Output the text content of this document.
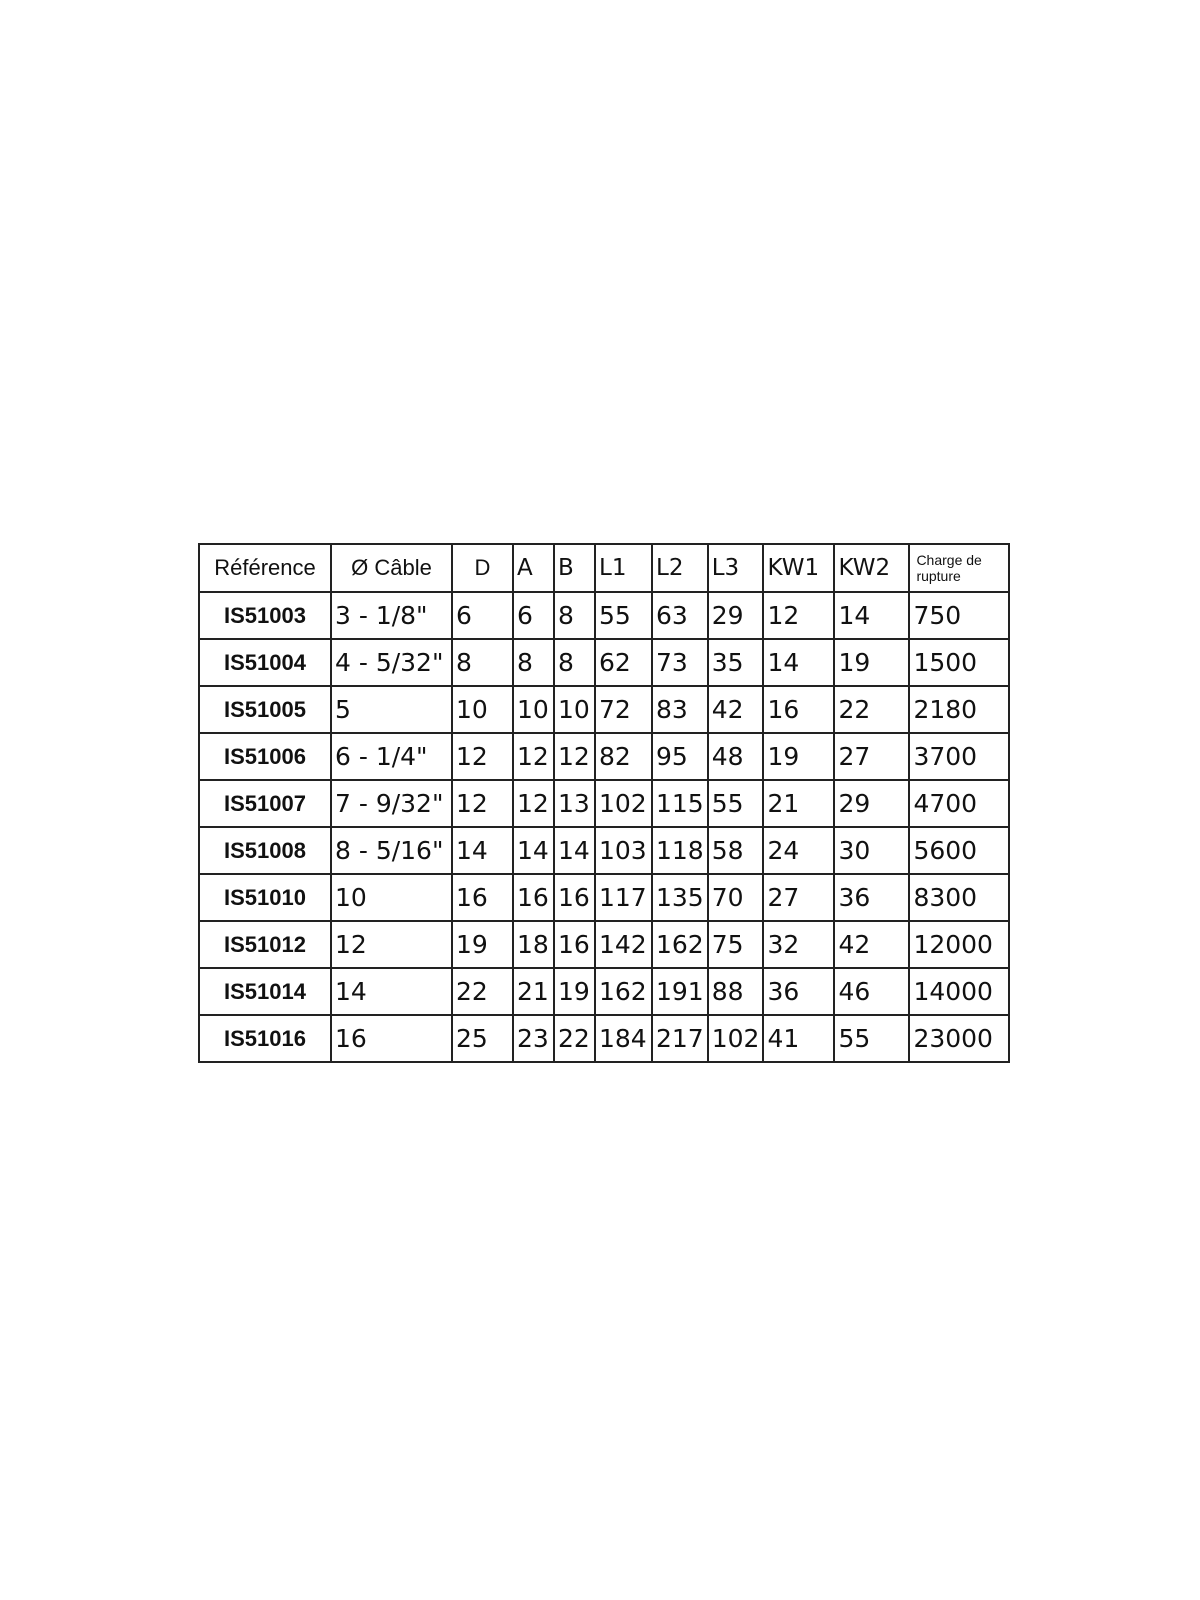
Référence	Ø Câble	D	A	B	L1	L2	L3	KW1	KW2	Charge de rupture
IS51003	3 - 1/8"	6	6	8	55	63	29	12	14	750
IS51004	4 - 5/32"	8	8	8	62	73	35	14	19	1500
IS51005	5	10	10	10	72	83	42	16	22	2180
IS51006	6 - 1/4"	12	12	12	82	95	48	19	27	3700
IS51007	7 - 9/32"	12	12	13	102	115	55	21	29	4700
IS51008	8 - 5/16"	14	14	14	103	118	58	24	30	5600
IS51010	10	16	16	16	117	135	70	27	36	8300
IS51012	12	19	18	16	142	162	75	32	42	12000
IS51014	14	22	21	19	162	191	88	36	46	14000
IS51016	16	25	23	22	184	217	102	41	55	23000
